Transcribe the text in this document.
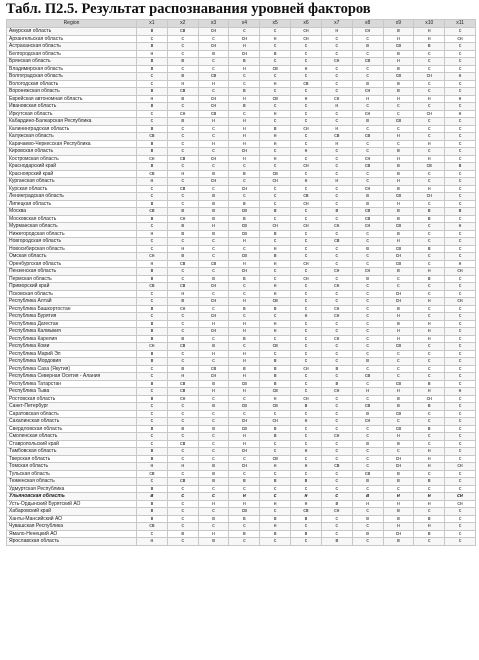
Табл. П2.5. Результат распознавания уровней факторов
Region	x1	x2	x3	x4	x5	x6	x7	x8	x9	x10	x11
Амурская область	в	св	сн	с	с	сн	н	сн	в	н	с
Архангельская область	с	с	с	сн	н	сн	с	с	н	н	сн
Астраханская область	в	с	сн	н	с	с	с	в	св	в	с
Белгородская область	н	с	в	сн	в	с	с	с	в	с	с
Брянская область	в	в	с	в	с	с	сн	св	н	с	с
Владимирская область	в	с	с	н	св	н	с	с	в	с	с
Волгоградская область	с	в	св	с	с	с	с	с	св	сн	н
Вологодская область	с	н	н	с	н	св	с	в	в	с	с
Воронежская область	в	св	с	в	с	с	с	сн	в	с	с
Еврейская автономная область	н	в	сн	н	св	н	сн	н	н	н	н
Ивановская область	в	с	сн	в	с	с	н	с	с	с	с
Иркутская область	с	сн	св	с	н	с	с	сн	с	сн	н
Кабардино-Балкарская Республика	с	в	н	н	с	с	с	в	св	с	с
Калининградская область	в	с	с	н	в	сн	н	с	с	с	с
Калужская область	св	с	с	н	н	с	св	св	н	с	с
Карачаево-Черкесская Республика	в	с	н	н	н	с	н	с	с	н	с
Кировская область	в	с	с	сн	с	н	с	с	в	с	с
Костромская область	сн	св	сн	н	н	с	с	сн	н	н	с
Краснодарский край	в	с	с	с	с	сн	с	св	в	св	в
Красноярский край	св	н	в	в	св	с	с	с	в	с	с
Курганская область	н	с	сн	с	сн	н	н	с	н	с	с
Курская область	с	св	с	сн	с	с	с	сн	в	н	с
Ленинградская область	с	с	в	с	с	св	с	в	св	сн	с
Липецкая область	в	с	в	в	с	сн	с	в	н	с	с
Москва	св	в	в	св	в	с	в	св	в	в	в
Московская область	в	сн	в	в	с	с	с	св	в	в	с
Мурманская область	с	в	н	св	сн	сн	сн	сн	св	с	н
Нижегородская область	н	в	в	св	в	с	с	с	в	с	с
Новгородская область	с	с	с	н	с	с	св	с	н	с	с
Новосибирская область	с	н	с	с	н	с	с	в	св	в	с
Омская область	сн	в	с	св	в	с	с	с	сн	с	с
Оренбургская область	н	св	св	н	н	сн	с	с	св	с	н
Пензенская область	в	с	с	сн	с	с	сн	сн	в	н	сн
Пермская область	в	с	в	в	с	сн	с	в	с	в	с
Приморский край	св	св	сн	с	н	с	сн	с	с	с	с
Псковская область	с	н	с	с	н	с	с	с	сн	с	с
Республика Алтай	с	в	сн	н	св	с	с	с	сн	н	сн
Республика Башкортостан	в	сн	с	в	в	с	сн	с	в	с	с
Республика Бурятия	с	с	сн	с	с	н	сн	с	н	с	с
Республика Дагестан	в	с	н	н	н	с	с	с	в	н	с
Республика Калмыкия	в	с	сн	н	н	с	с	с	н	н	с
Республика Карелия	в	в	с	в	с	с	сн	с	н	н	с
Республика Коми	сн	св	в	с	св	с	с	с	св	с	с
Республика Марий Эл	в	с	н	н	с	с	с	с	с	с	с
Республика Мордовия	в	с	с	н	в	с	с	в	с	с	с
Республика Саха (Якутия)	с	в	св	в	в	сн	в	с	с	с	с
Республика Северная Осетия - Алания	с	н	сн	н	в	с	с	св	с	с	с
Республика Татарстан	в	св	в	св	в	с	в	с	св	в	с
Республика Тыва	с	св	н	н	св	с	сн	н	н	н	н
Ростовская область	в	сн	с	с	н	сн	с	с	в	сн	с
Санкт-Петербург	с	с	в	св	св	в	с	св	в	в	с
Саратовская область	с	с	с	с	с	с	с	в	св	с	с
Сахалинская область	с	с	с	сн	сн	н	с	сн	с	с	с
Свердловская область	в	в	в	св	в	с	с	с	св	в	с
Смоленская область	с	с	с	н	в	с	сн	с	н	с	с
Ставропольский край	с	св	с	н	с	с	с	в	в	с	с
Тамбовская область	в	с	с	сн	с	н	с	с	с	н	с
Тверская область	в	с	с	с	св	с	с	с	сн	н	с
Томская область	н	н	в	сн	н	н	св	с	сн	н	сн
Тульская область	св	с	в	с	с	с	с	св	в	с	с
Тюменская область	с	св	в	в	в	в	с	в	в	в	с
Удмуртская Республика	в	с	с	с	с	с	с	с	с	с	с
Ульяновская область	в	с	с	н	с	н	с	в	н	н	сн
Усть-Ордынский Бурятский АО	в	с	н	н	н	н	в	н	н	н	сн
Хабаровский край	в	с	с	св	с	св	сн	с	в	с	с
Ханты-Мансийский АО	в	с	в	в	в	в	с	в	в	в	с
Чувашская Республика	св	с	с	с	н	с	с	с	н	н	с
Ямало-Ненецкий АО	с	в	н	в	в	в	с	в	сн	в	с
Ярославская область	н	с	в	с	с	с	в	с	в	с	с
